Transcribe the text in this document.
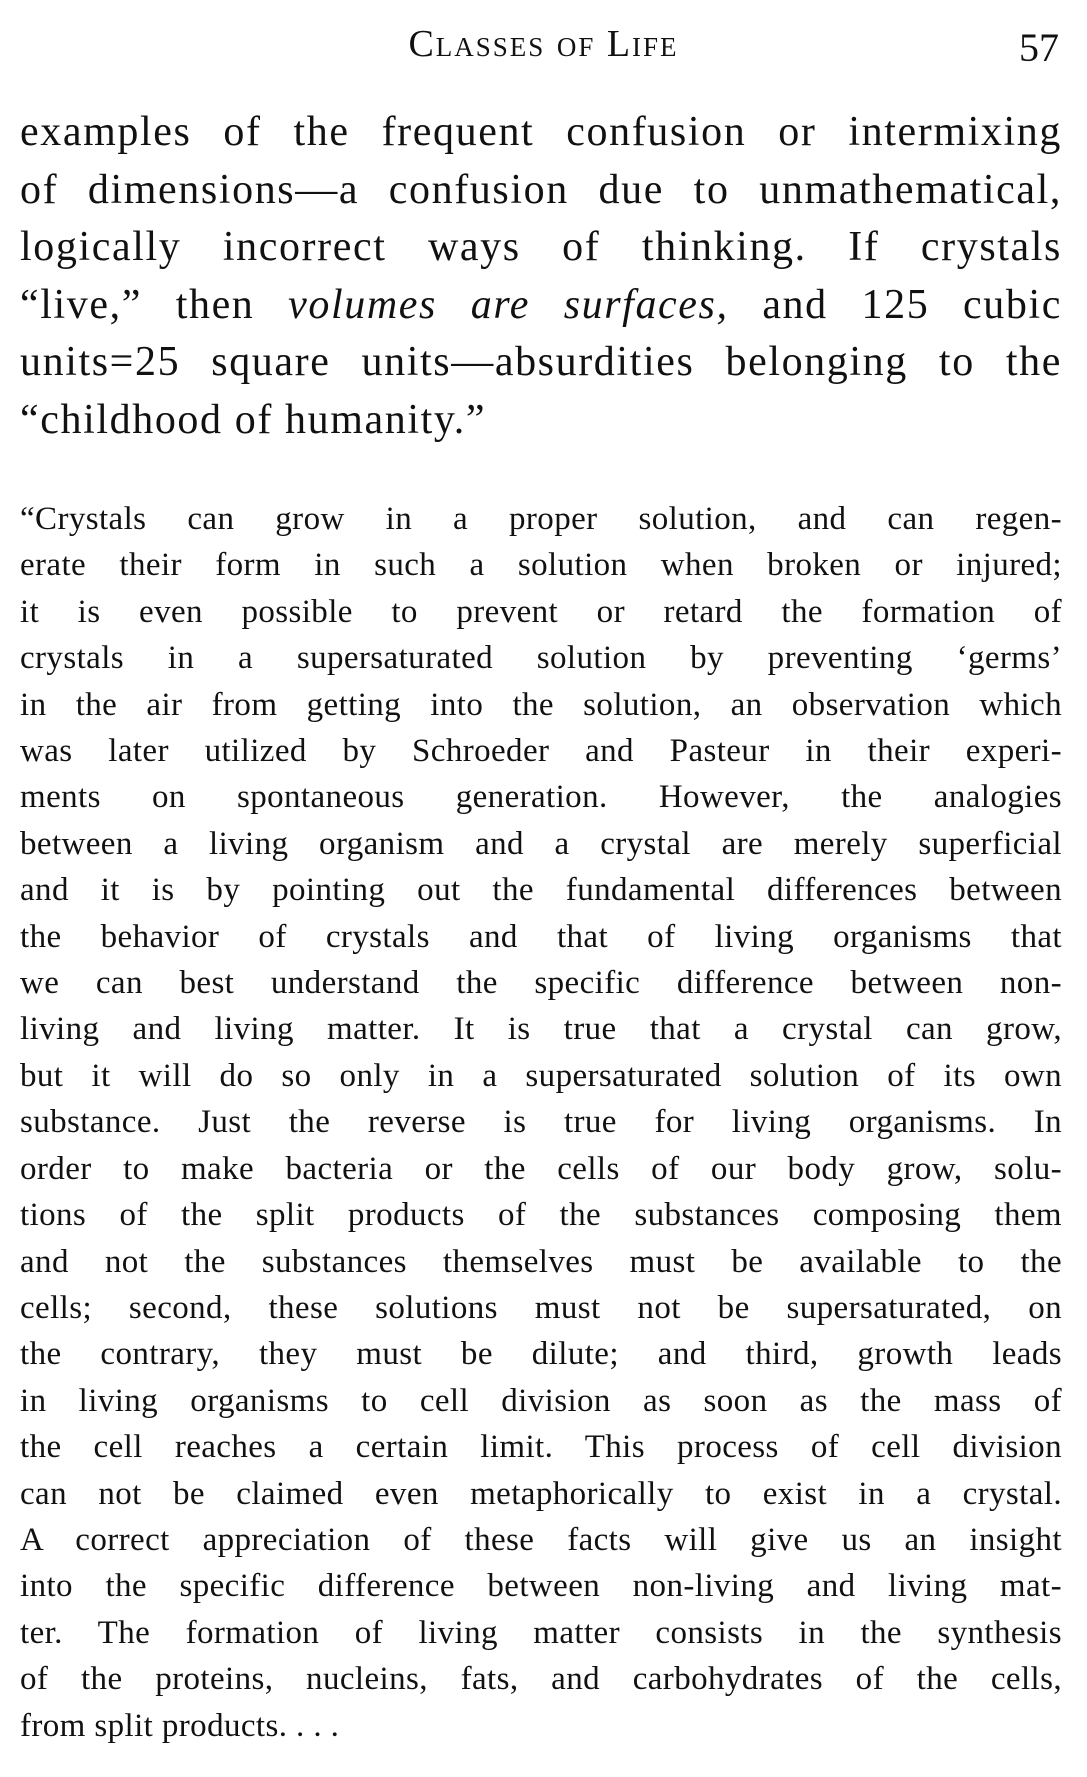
Classes of Life	57
examples of the frequent confusion or intermixing
of dimensions—a confusion due to unmathematical,
logically incorrect ways of thinking. If crystals
“live,” then volumes are surfaces, and 125 cubic
units=25 square units—absurdities belonging to the
“childhood of humanity.”
“Crystals can grow in a proper solution, and can regen-
erate their form in such a solution when broken or injured;
it is even possible to prevent or retard the formation of
crystals in a supersaturated solution by preventing ‘germs’
in the air from getting into the solution, an observation which
was later utilized by Schroeder and Pasteur in their experi-
ments on spontaneous generation. However, the analogies
between a living organism and a crystal are merely superficial
and it is by pointing out the fundamental differences between
the behavior of crystals and that of living organisms that
we can best understand the specific difference between non-
living and living matter. It is true that a crystal can grow,
but it will do so only in a supersaturated solution of its own
substance. Just the reverse is true for living organisms. In
order to make bacteria or the cells of our body grow, solu-
tions of the split products of the substances composing them
and not the substances themselves must be available to the
cells; second, these solutions must not be supersaturated, on
the contrary, they must be dilute; and third, growth leads
in living organisms to cell division as soon as the mass of
the cell reaches a certain limit. This process of cell division
can not be claimed even metaphorically to exist in a crystal.
A correct appreciation of these facts will give us an insight
into the specific difference between non-living and living mat-
ter. The formation of living matter consists in the synthesis
of the proteins, nucleins, fats, and carbohydrates of the cells,
from split products. . . .
